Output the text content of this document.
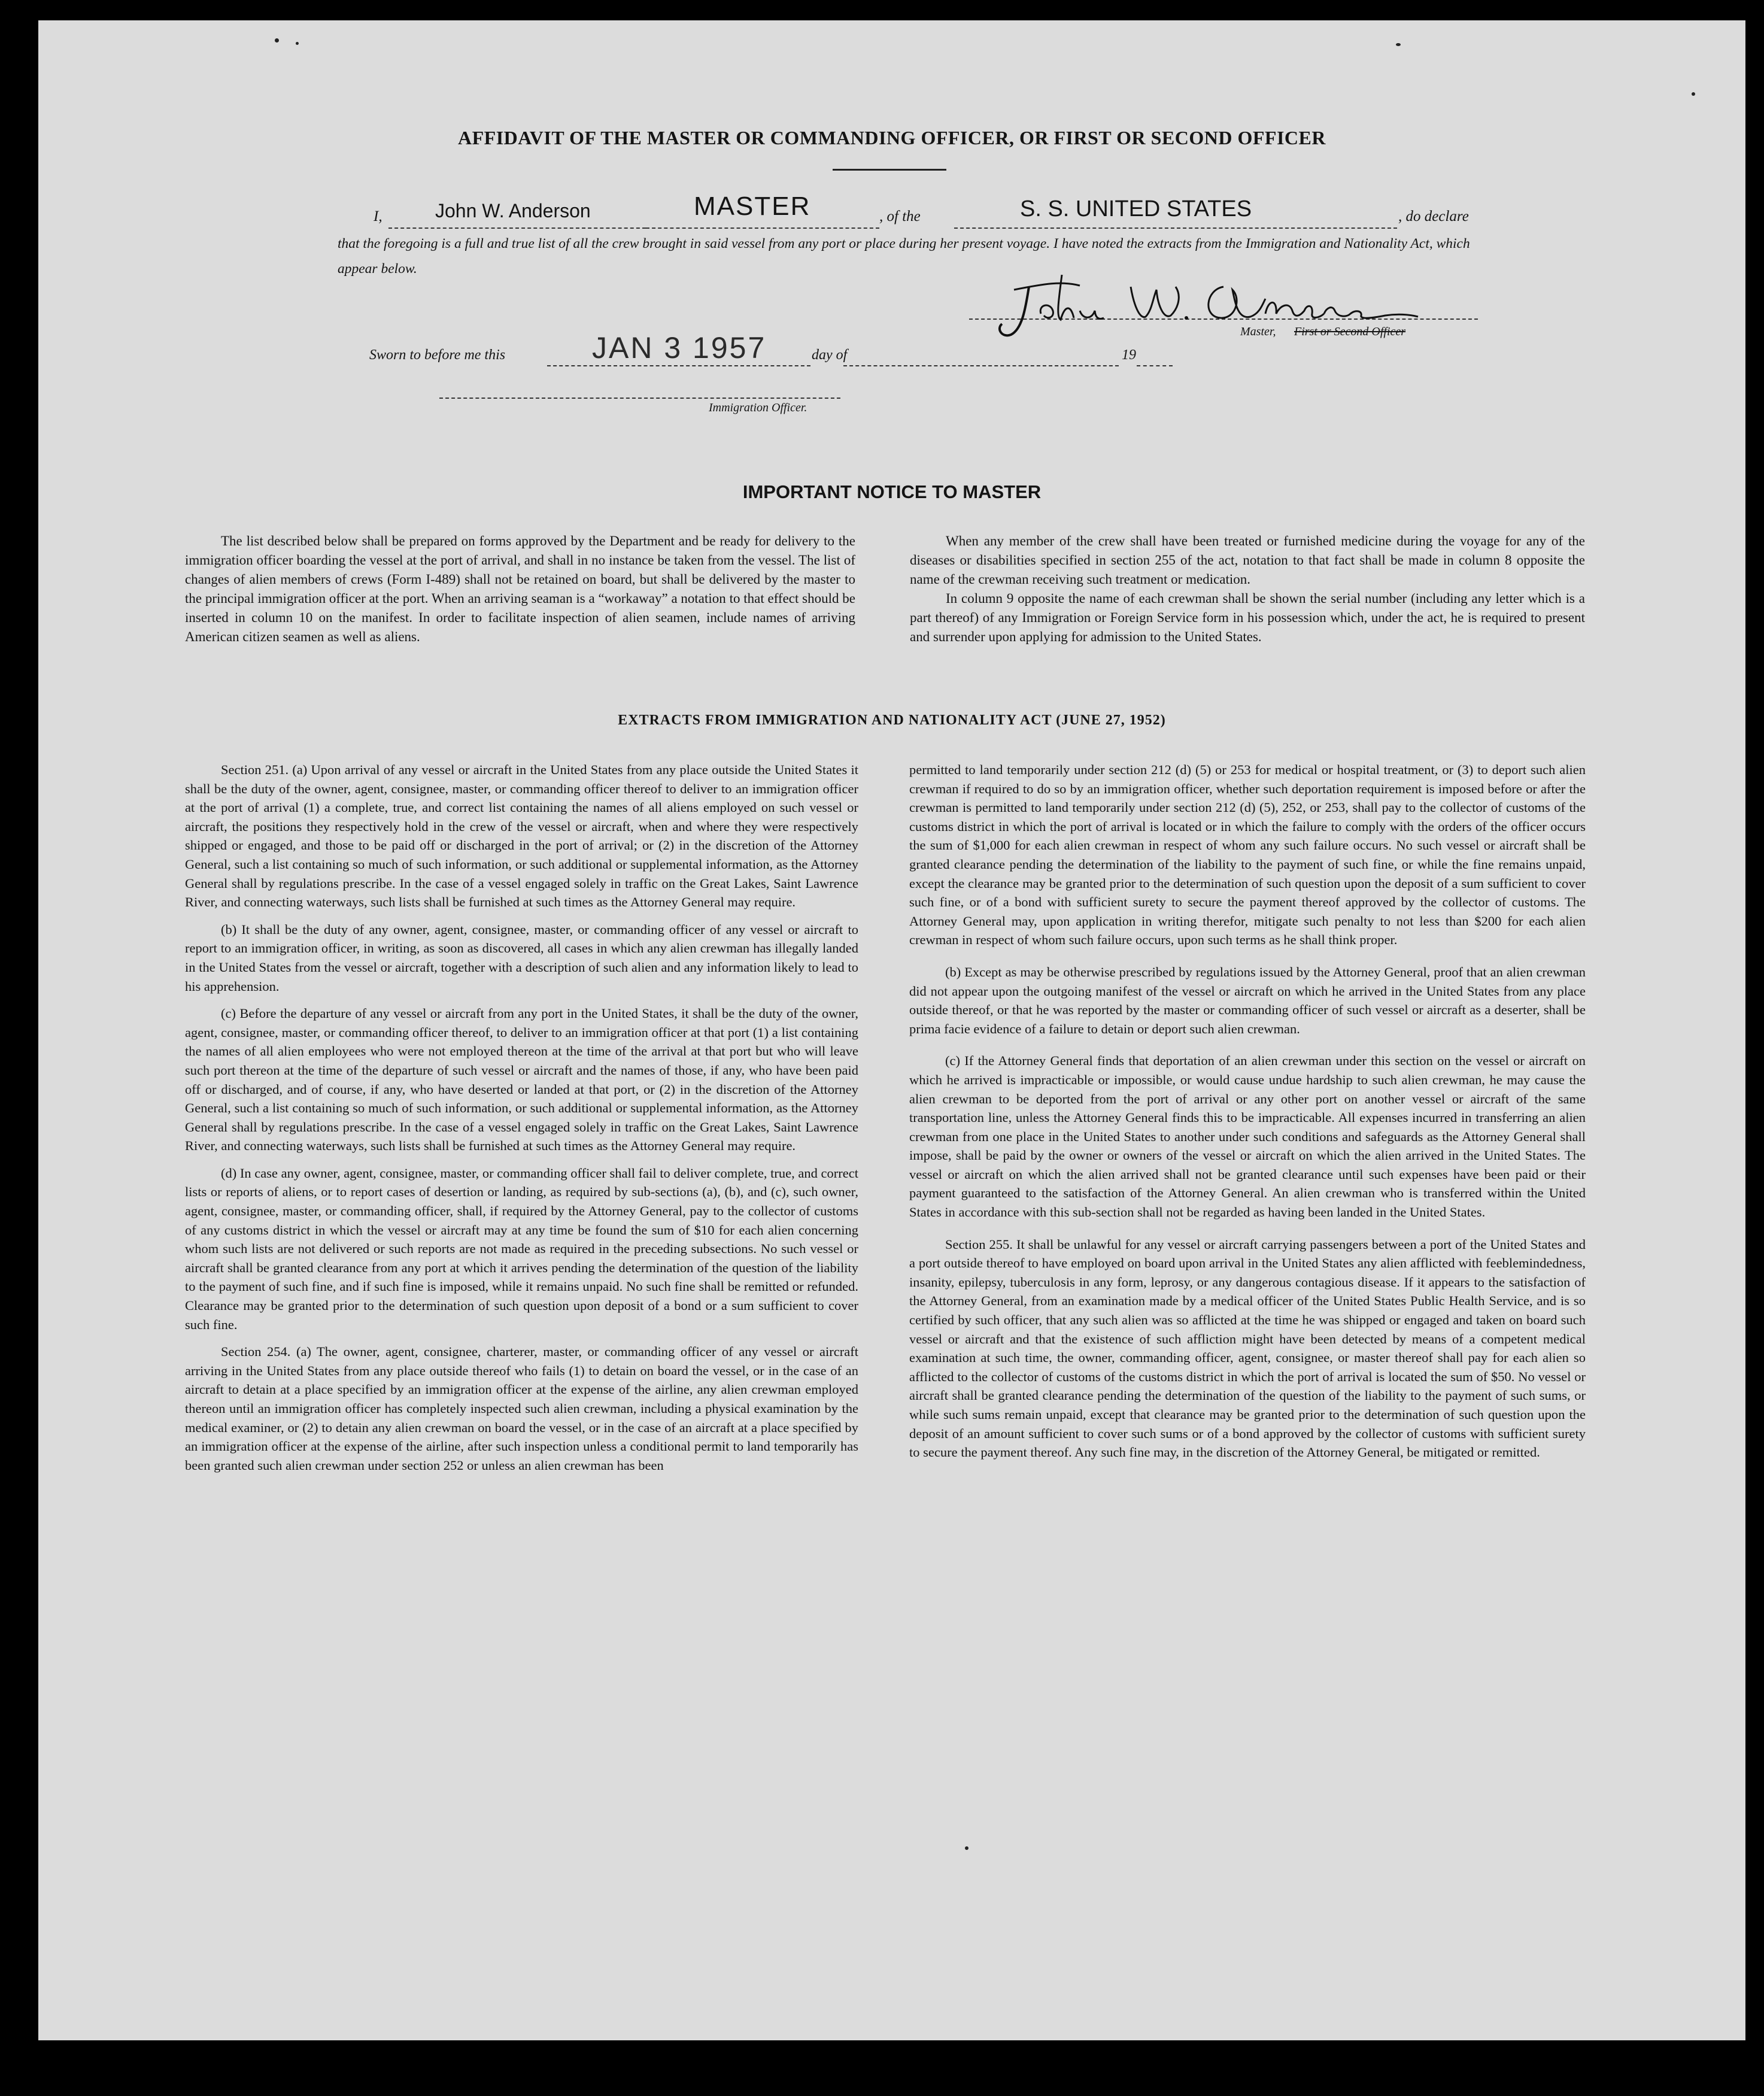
AFFIDAVIT OF THE MASTER OR COMMANDING OFFICER, OR FIRST OR SECOND OFFICER
I,	John W. Anderson	MASTER	, of the	S. S. UNITED STATES	, do declare
that the foregoing is a full and true list of all the crew brought in said vessel from any port or place during her present voyage. I have noted the extracts from the Immigration and Nationality Act, which appear below.
Master, First or Second Officer
Sworn to before me this	JAN 3 1957	day of	19
Immigration Officer.
IMPORTANT NOTICE TO MASTER

The list described below shall be prepared on forms approved by the Department and be ready for delivery to the immigration officer boarding the vessel at the port of arrival, and shall in no instance be taken from the vessel. The list of changes of alien members of crews (Form I-489) shall not be retained on board, but shall be delivered by the master to the principal immigration officer at the port. When an arriving seaman is a “workaway” a notation to that effect should be inserted in column 10 on the manifest. In order to facilitate inspection of alien seamen, include names of arriving American citizen seamen as well as aliens.

When any member of the crew shall have been treated or furnished medicine during the voyage for any of the diseases or disabilities specified in section 255 of the act, notation to that fact shall be made in column 8 opposite the name of the crewman receiving such treatment or medication.

In column 9 opposite the name of each crewman shall be shown the serial number (including any letter which is a part thereof) of any Immigration or Foreign Service form in his possession which, under the act, he is required to present and surrender upon applying for admission to the United States.

EXTRACTS FROM IMMIGRATION AND NATIONALITY ACT (JUNE 27, 1952)

Section 251. (a) Upon arrival of any vessel or aircraft in the United States from any place outside the United States it shall be the duty of the owner, agent, consignee, master, or commanding officer thereof to deliver to an immigration officer at the port of arrival (1) a complete, true, and correct list containing the names of all aliens employed on such vessel or aircraft, the positions they respectively hold in the crew of the vessel or aircraft, when and where they were respectively shipped or engaged, and those to be paid off or discharged in the port of arrival; or (2) in the discretion of the Attorney General, such a list containing so much of such information, or such additional or supplemental information, as the Attorney General shall by regulations prescribe. In the case of a vessel engaged solely in traffic on the Great Lakes, Saint Lawrence River, and connecting waterways, such lists shall be furnished at such times as the Attorney General may require.

(b) It shall be the duty of any owner, agent, consignee, master, or commanding officer of any vessel or aircraft to report to an immigration officer, in writing, as soon as discovered, all cases in which any alien crewman has illegally landed in the United States from the vessel or aircraft, together with a description of such alien and any information likely to lead to his apprehension.

(c) Before the departure of any vessel or aircraft from any port in the United States, it shall be the duty of the owner, agent, consignee, master, or commanding officer thereof, to deliver to an immigration officer at that port (1) a list containing the names of all alien employees who were not employed thereon at the time of the arrival at that port but who will leave such port thereon at the time of the departure of such vessel or aircraft and the names of those, if any, who have been paid off or discharged, and of course, if any, who have deserted or landed at that port, or (2) in the discretion of the Attorney General, such a list containing so much of such information, or such additional or supplemental information, as the Attorney General shall by regulations prescribe. In the case of a vessel engaged solely in traffic on the Great Lakes, Saint Lawrence River, and connecting waterways, such lists shall be furnished at such times as the Attorney General may require.

(d) In case any owner, agent, consignee, master, or commanding officer shall fail to deliver complete, true, and correct lists or reports of aliens, or to report cases of desertion or landing, as required by sub-sections (a), (b), and (c), such owner, agent, consignee, master, or commanding officer, shall, if required by the Attorney General, pay to the collector of customs of any customs district in which the vessel or aircraft may at any time be found the sum of $10 for each alien concerning whom such lists are not delivered or such reports are not made as required in the preceding subsections. No such vessel or aircraft shall be granted clearance from any port at which it arrives pending the determination of the question of the liability to the payment of such fine, and if such fine is imposed, while it remains unpaid. No such fine shall be remitted or refunded. Clearance may be granted prior to the determination of such question upon deposit of a bond or a sum sufficient to cover such fine.

Section 254. (a) The owner, agent, consignee, charterer, master, or commanding officer of any vessel or aircraft arriving in the United States from any place outside thereof who fails (1) to detain on board the vessel, or in the case of an aircraft to detain at a place specified by an immigration officer at the expense of the airline, any alien crewman employed thereon until an immigration officer has completely inspected such alien crewman, including a physical examination by the medical examiner, or (2) to detain any alien crewman on board the vessel, or in the case of an aircraft at a place specified by an immigration officer at the expense of the airline, after such inspection unless a conditional permit to land temporarily has been granted such alien crewman under section 252 or unless an alien crewman has been

permitted to land temporarily under section 212 (d) (5) or 253 for medical or hospital treatment, or (3) to deport such alien crewman if required to do so by an immigration officer, whether such deportation requirement is imposed before or after the crewman is permitted to land temporarily under section 212 (d) (5), 252, or 253, shall pay to the collector of customs of the customs district in which the port of arrival is located or in which the failure to comply with the orders of the officer occurs the sum of $1,000 for each alien crewman in respect of whom any such failure occurs. No such vessel or aircraft shall be granted clearance pending the determination of the liability to the payment of such fine, or while the fine remains unpaid, except the clearance may be granted prior to the determination of such question upon the deposit of a sum sufficient to cover such fine, or of a bond with sufficient surety to secure the payment thereof approved by the collector of customs. The Attorney General may, upon application in writing therefor, mitigate such penalty to not less than $200 for each alien crewman in respect of whom such failure occurs, upon such terms as he shall think proper.

(b) Except as may be otherwise prescribed by regulations issued by the Attorney General, proof that an alien crewman did not appear upon the outgoing manifest of the vessel or aircraft on which he arrived in the United States from any place outside thereof, or that he was reported by the master or commanding officer of such vessel or aircraft as a deserter, shall be prima facie evidence of a failure to detain or deport such alien crewman.

(c) If the Attorney General finds that deportation of an alien crewman under this section on the vessel or aircraft on which he arrived is impracticable or impossible, or would cause undue hardship to such alien crewman, he may cause the alien crewman to be deported from the port of arrival or any other port on another vessel or aircraft of the same transportation line, unless the Attorney General finds this to be impracticable. All expenses incurred in transferring an alien crewman from one place in the United States to another under such conditions and safeguards as the Attorney General shall impose, shall be paid by the owner or owners of the vessel or aircraft on which the alien arrived in the United States. The vessel or aircraft on which the alien arrived shall not be granted clearance until such expenses have been paid or their payment guaranteed to the satisfaction of the Attorney General. An alien crewman who is transferred within the United States in accordance with this sub-section shall not be regarded as having been landed in the United States.

Section 255. It shall be unlawful for any vessel or aircraft carrying passengers between a port of the United States and a port outside thereof to have employed on board upon arrival in the United States any alien afflicted with feeblemindedness, insanity, epilepsy, tuberculosis in any form, leprosy, or any dangerous contagious disease. If it appears to the satisfaction of the Attorney General, from an examination made by a medical officer of the United States Public Health Service, and is so certified by such officer, that any such alien was so afflicted at the time he was shipped or engaged and taken on board such vessel or aircraft and that the existence of such affliction might have been detected by means of a competent medical examination at such time, the owner, commanding officer, agent, consignee, or master thereof shall pay for each alien so afflicted to the collector of customs of the customs district in which the port of arrival is located the sum of $50. No vessel or aircraft shall be granted clearance pending the determination of the question of the liability to the payment of such sums, or while such sums remain unpaid, except that clearance may be granted prior to the determination of such question upon the deposit of an amount sufficient to cover such sums or of a bond approved by the collector of customs with sufficient surety to secure the payment thereof. Any such fine may, in the discretion of the Attorney General, be mitigated or remitted.
